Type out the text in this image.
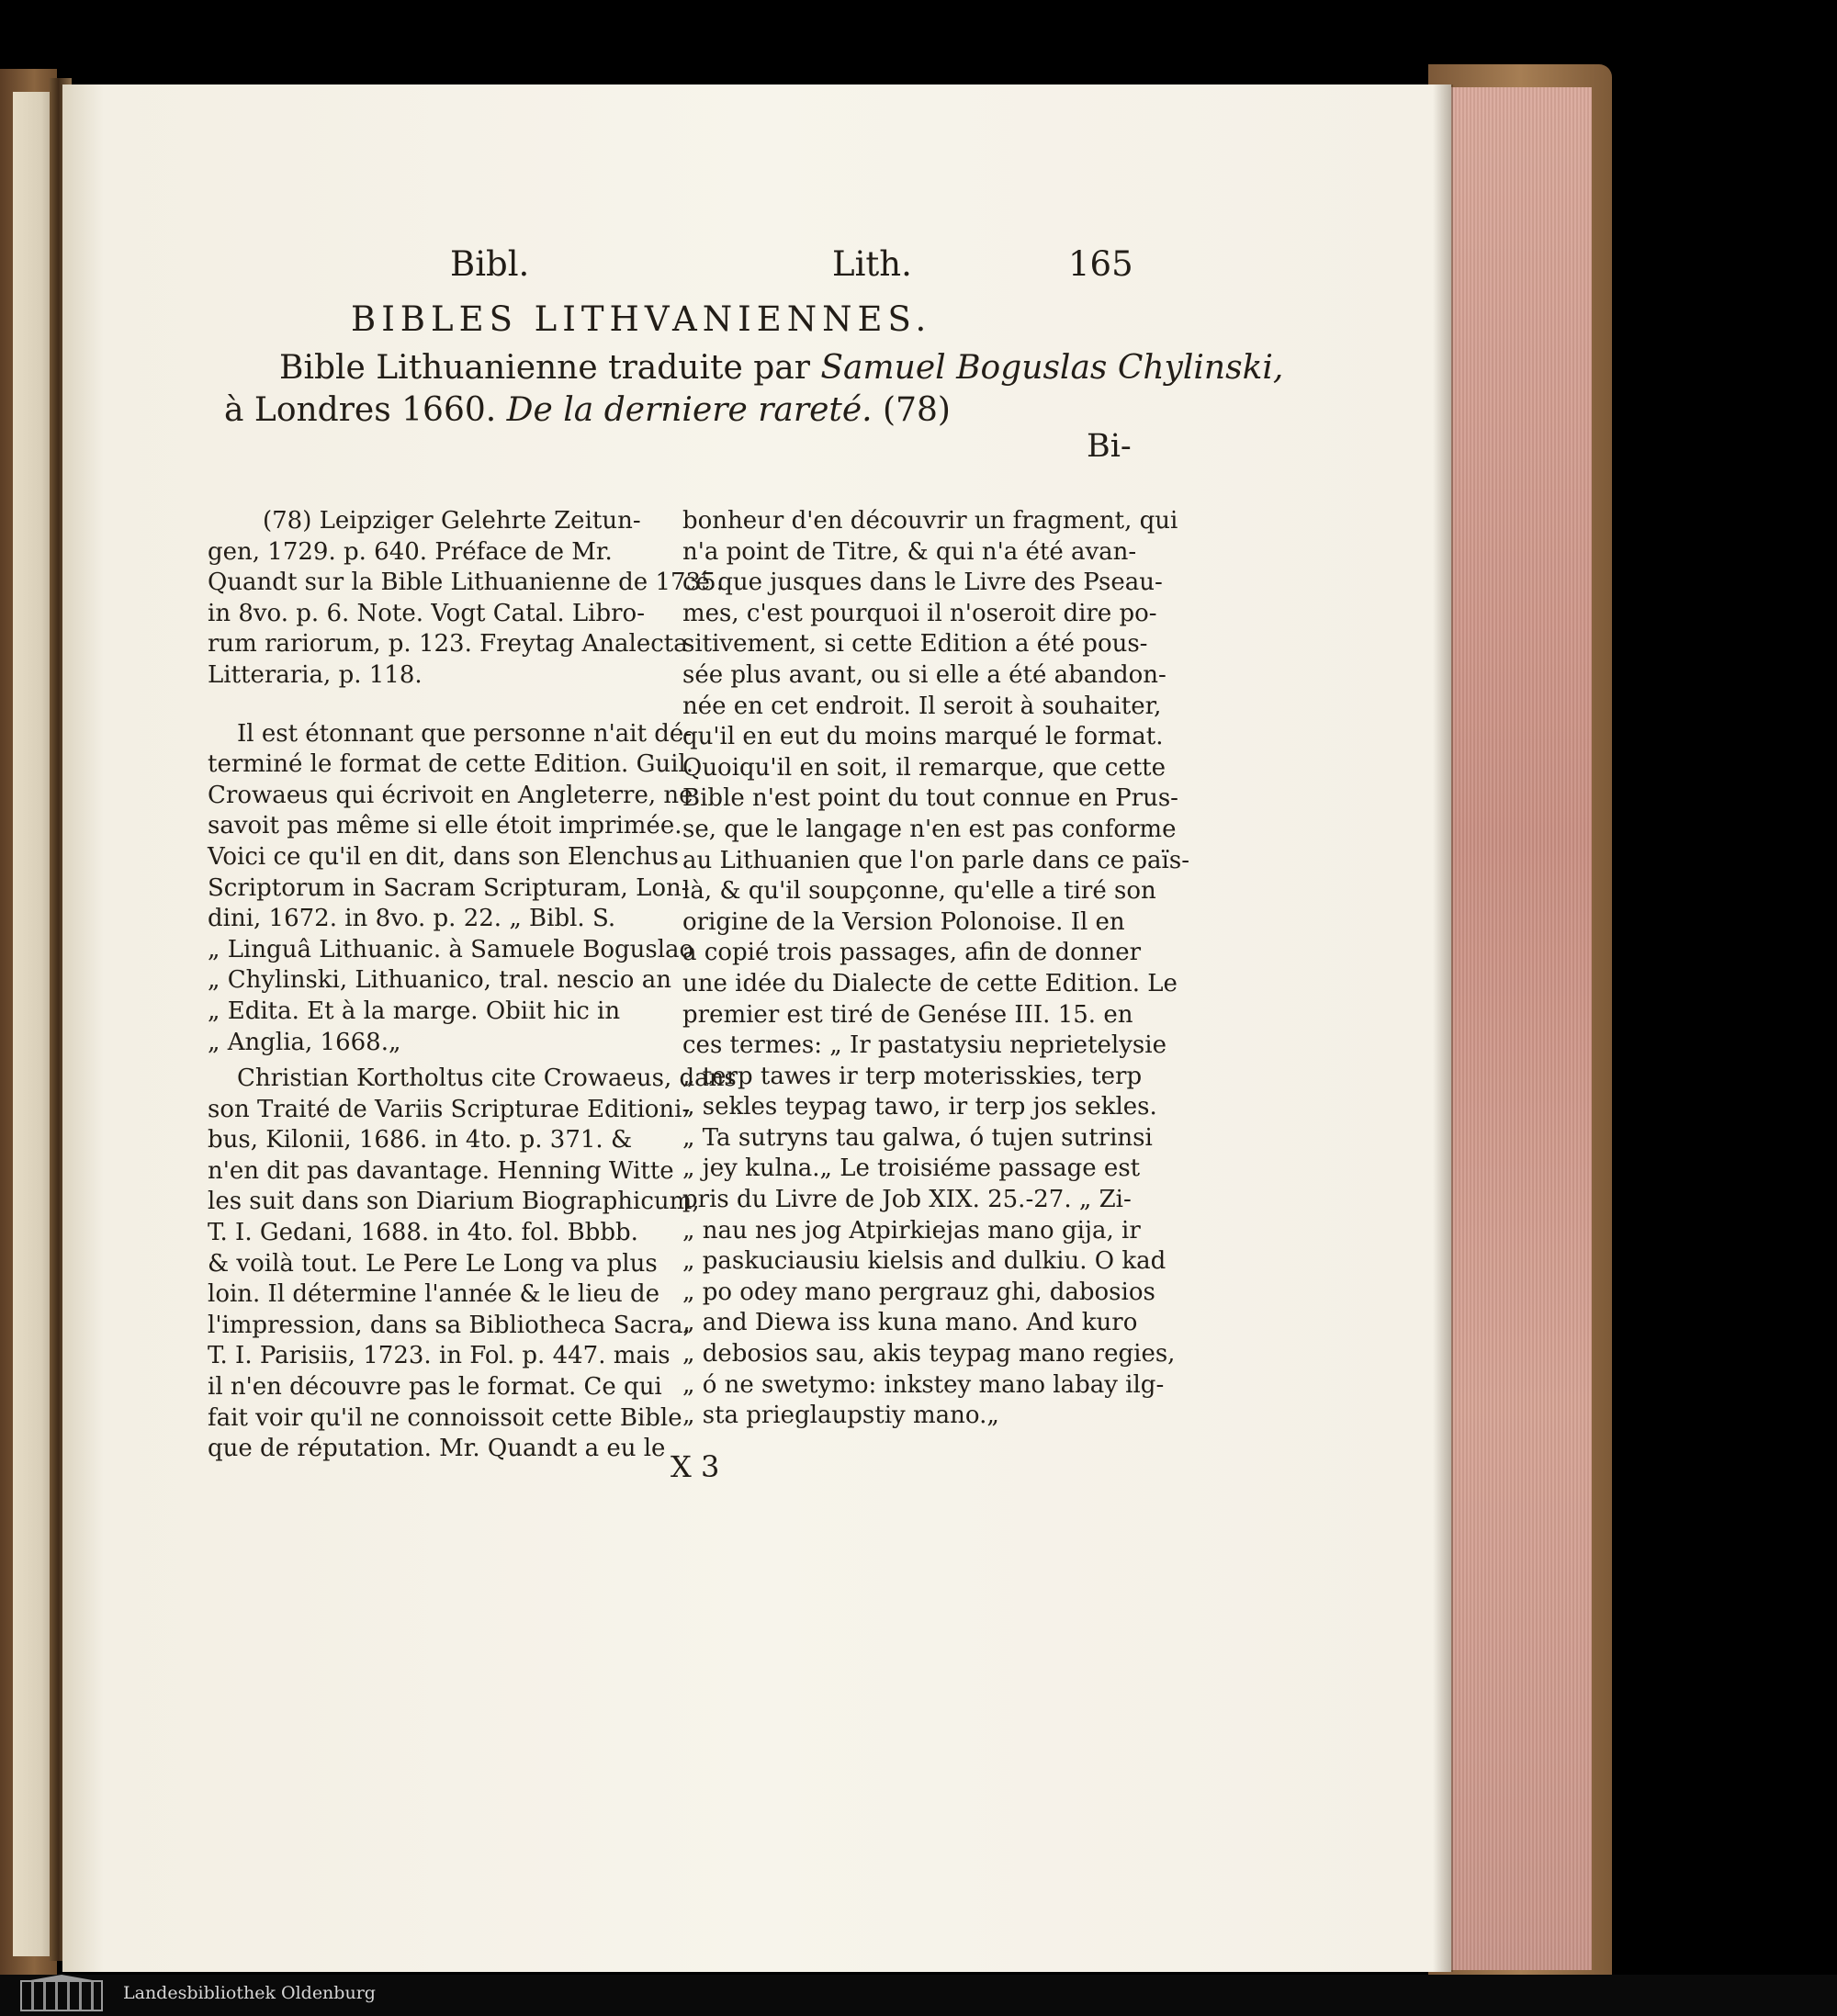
Bibl.	Lith.	165
BIBLES LITHVANIENNES.
Bible Lithuanienne traduite par Samuel Boguslas Chylinski,
à Londres 1660. De la derniere rareté. (78)
Bi-
(78) Leipziger Gelehrte Zeitun-
gen, 1729. p. 640. Préface de Mr.
Quandt sur la Bible Lithuanienne de 1735.
in 8vo. p. 6. Note. Vogt Catal. Libro-
rum rariorum, p. 123. Freytag Analecta
Litteraria, p. 118.
Il est étonnant que personne n'ait dé-
terminé le format de cette Edition. Guil.
Crowaeus qui écrivoit en Angleterre, ne
savoit pas même si elle étoit imprimée.
Voici ce qu'il en dit, dans son Elenchus
Scriptorum in Sacram Scripturam, Lon-
dini, 1672. in 8vo. p. 22. „ Bibl. S.
„ Linguâ Lithuanic. à Samuele Boguslao
„ Chylinski, Lithuanico, tral. nescio an
„ Edita. Et à la marge. Obiit hic in
„ Anglia, 1668.„
Christian Kortholtus cite Crowaeus, dans
son Traité de Variis Scripturae Editioni-
bus, Kilonii, 1686. in 4to. p. 371. &
n'en dit pas davantage. Henning Witte
les suit dans son Diarium Biographicum,
T. I. Gedani, 1688. in 4to. fol. Bbbb.
& voilà tout. Le Pere Le Long va plus
loin. Il détermine l'année & le lieu de
l'impression, dans sa Bibliotheca Sacra,
T. I. Parisiis, 1723. in Fol. p. 447. mais
il n'en découvre pas le format. Ce qui
fait voir qu'il ne connoissoit cette Bible
que de réputation. Mr. Quandt a eu le
bonheur d'en découvrir un fragment, qui
n'a point de Titre, & qui n'a été avan-
cé que jusques dans le Livre des Pseau-
mes, c'est pourquoi il n'oseroit dire po-
sitivement, si cette Edition a été pous-
sée plus avant, ou si elle a été abandon-
née en cet endroit. Il seroit à souhaiter,
qu'il en eut du moins marqué le format.
Quoiqu'il en soit, il remarque, que cette
Bible n'est point du tout connue en Prus-
se, que le langage n'en est pas conforme
au Lithuanien que l'on parle dans ce païs-
là, & qu'il soupçonne, qu'elle a tiré son
origine de la Version Polonoise. Il en
a copié trois passages, afin de donner
une idée du Dialecte de cette Edition. Le
premier est tiré de Genése III. 15. en
ces termes: „ Ir pastatysiu neprietelysie
„ terp tawes ir terp moterisskies, terp
„ sekles teypag tawo, ir terp jos sekles.
„ Ta sutryns tau galwa, ó tujen sutrinsi
„ jey kulna.„ Le troisiéme passage est
pris du Livre de Job XIX. 25.-27. „ Zi-
„ nau nes jog Atpirkiejas mano gija, ir
„ paskuciausiu kielsis and dulkiu. O kad
„ po odey mano pergrauz ghi, dabosios
„ and Diewa iss kuna mano. And kuro
„ debosios sau, akis teypag mano regies,
„ ó ne swetymo: inkstey mano labay ilg-
„ sta prieglaupstiy mano.„
X 3
Landesbibliothek Oldenburg
